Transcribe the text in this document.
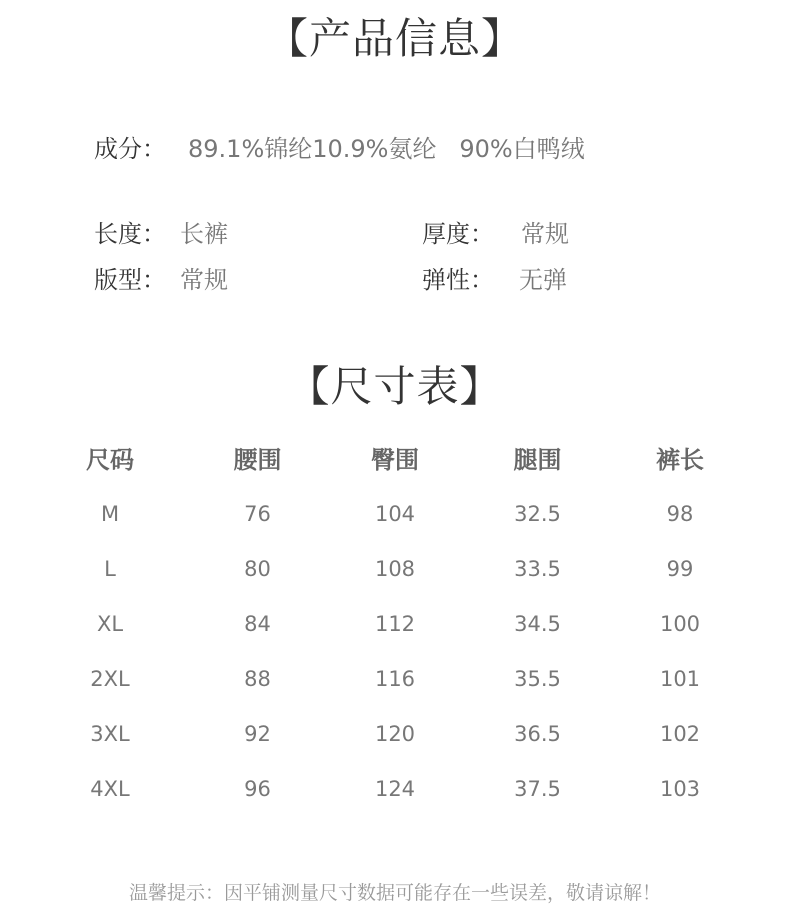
【产品信息】
成分： 89.1%锦纶10.9%氨纶   90%白鸭绒
长度： 长裤	厚度： 常规
版型： 常规	弹性： 无弹
【尺寸表】
尺码	腰围	臀围	腿围	裤长
M	76	104	32.5	98
L	80	108	33.5	99
XL	84	112	34.5	100
2XL	88	116	35.5	101
3XL	92	120	36.5	102
4XL	96	124	37.5	103
温馨提示：因平铺测量尺寸数据可能存在一些误差，敬请谅解！
